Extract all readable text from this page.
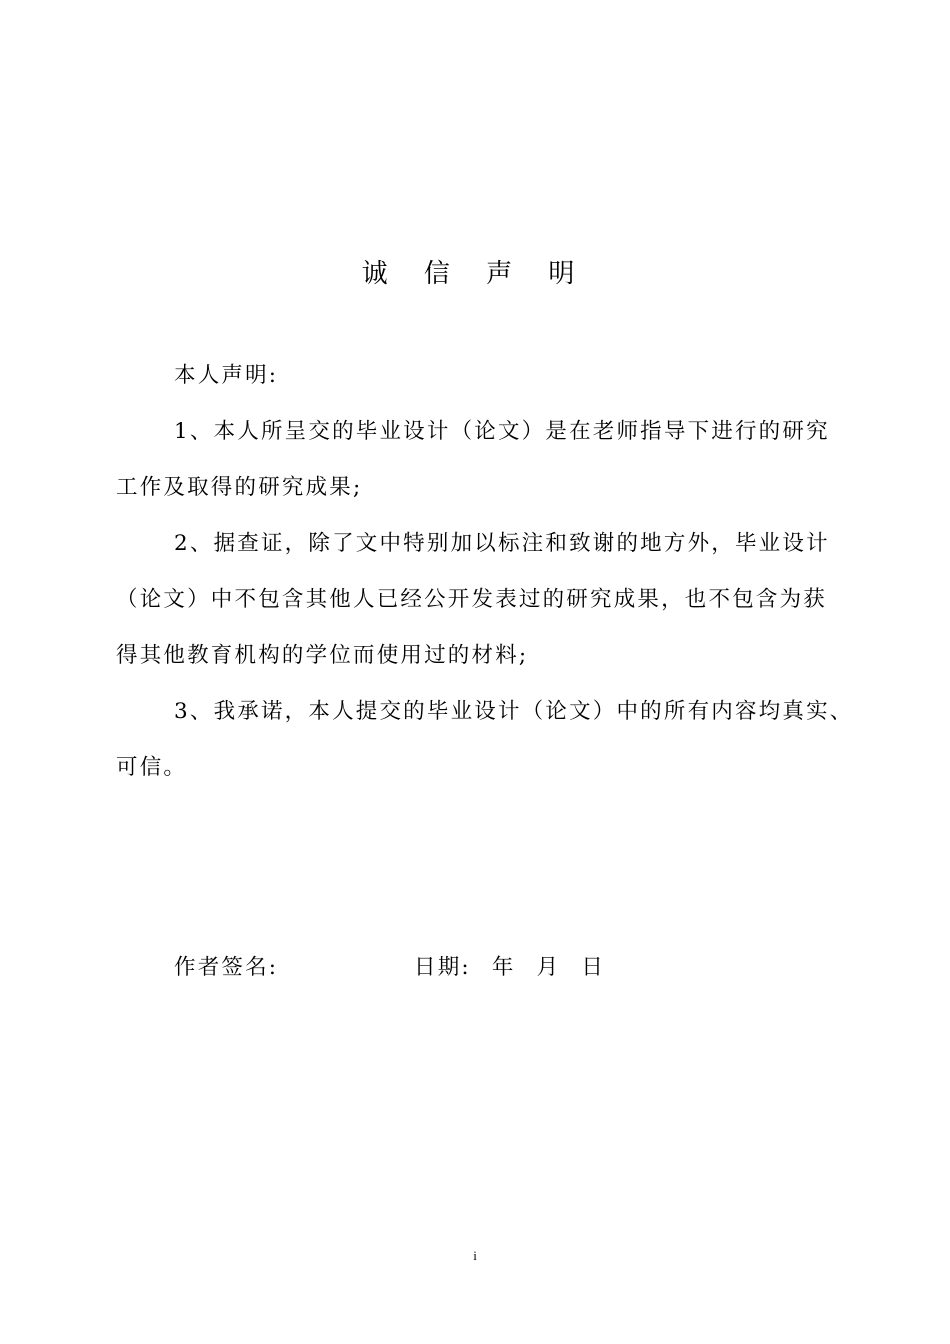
诚 信 声 明
本人声明:
1、本人所呈交的毕业设计（论文）是在老师指导下进行的研究
工作及取得的研究成果;
2、据查证，除了文中特别加以标注和致谢的地方外，毕业设计
（论文）中不包含其他人已经公开发表过的研究成果，也不包含为获
得其他教育机构的学位而使用过的材料;
3、我承诺，本人提交的毕业设计（论文）中的所有内容均真实、
可信。
作者签名:	日期: 年 月 日
i
